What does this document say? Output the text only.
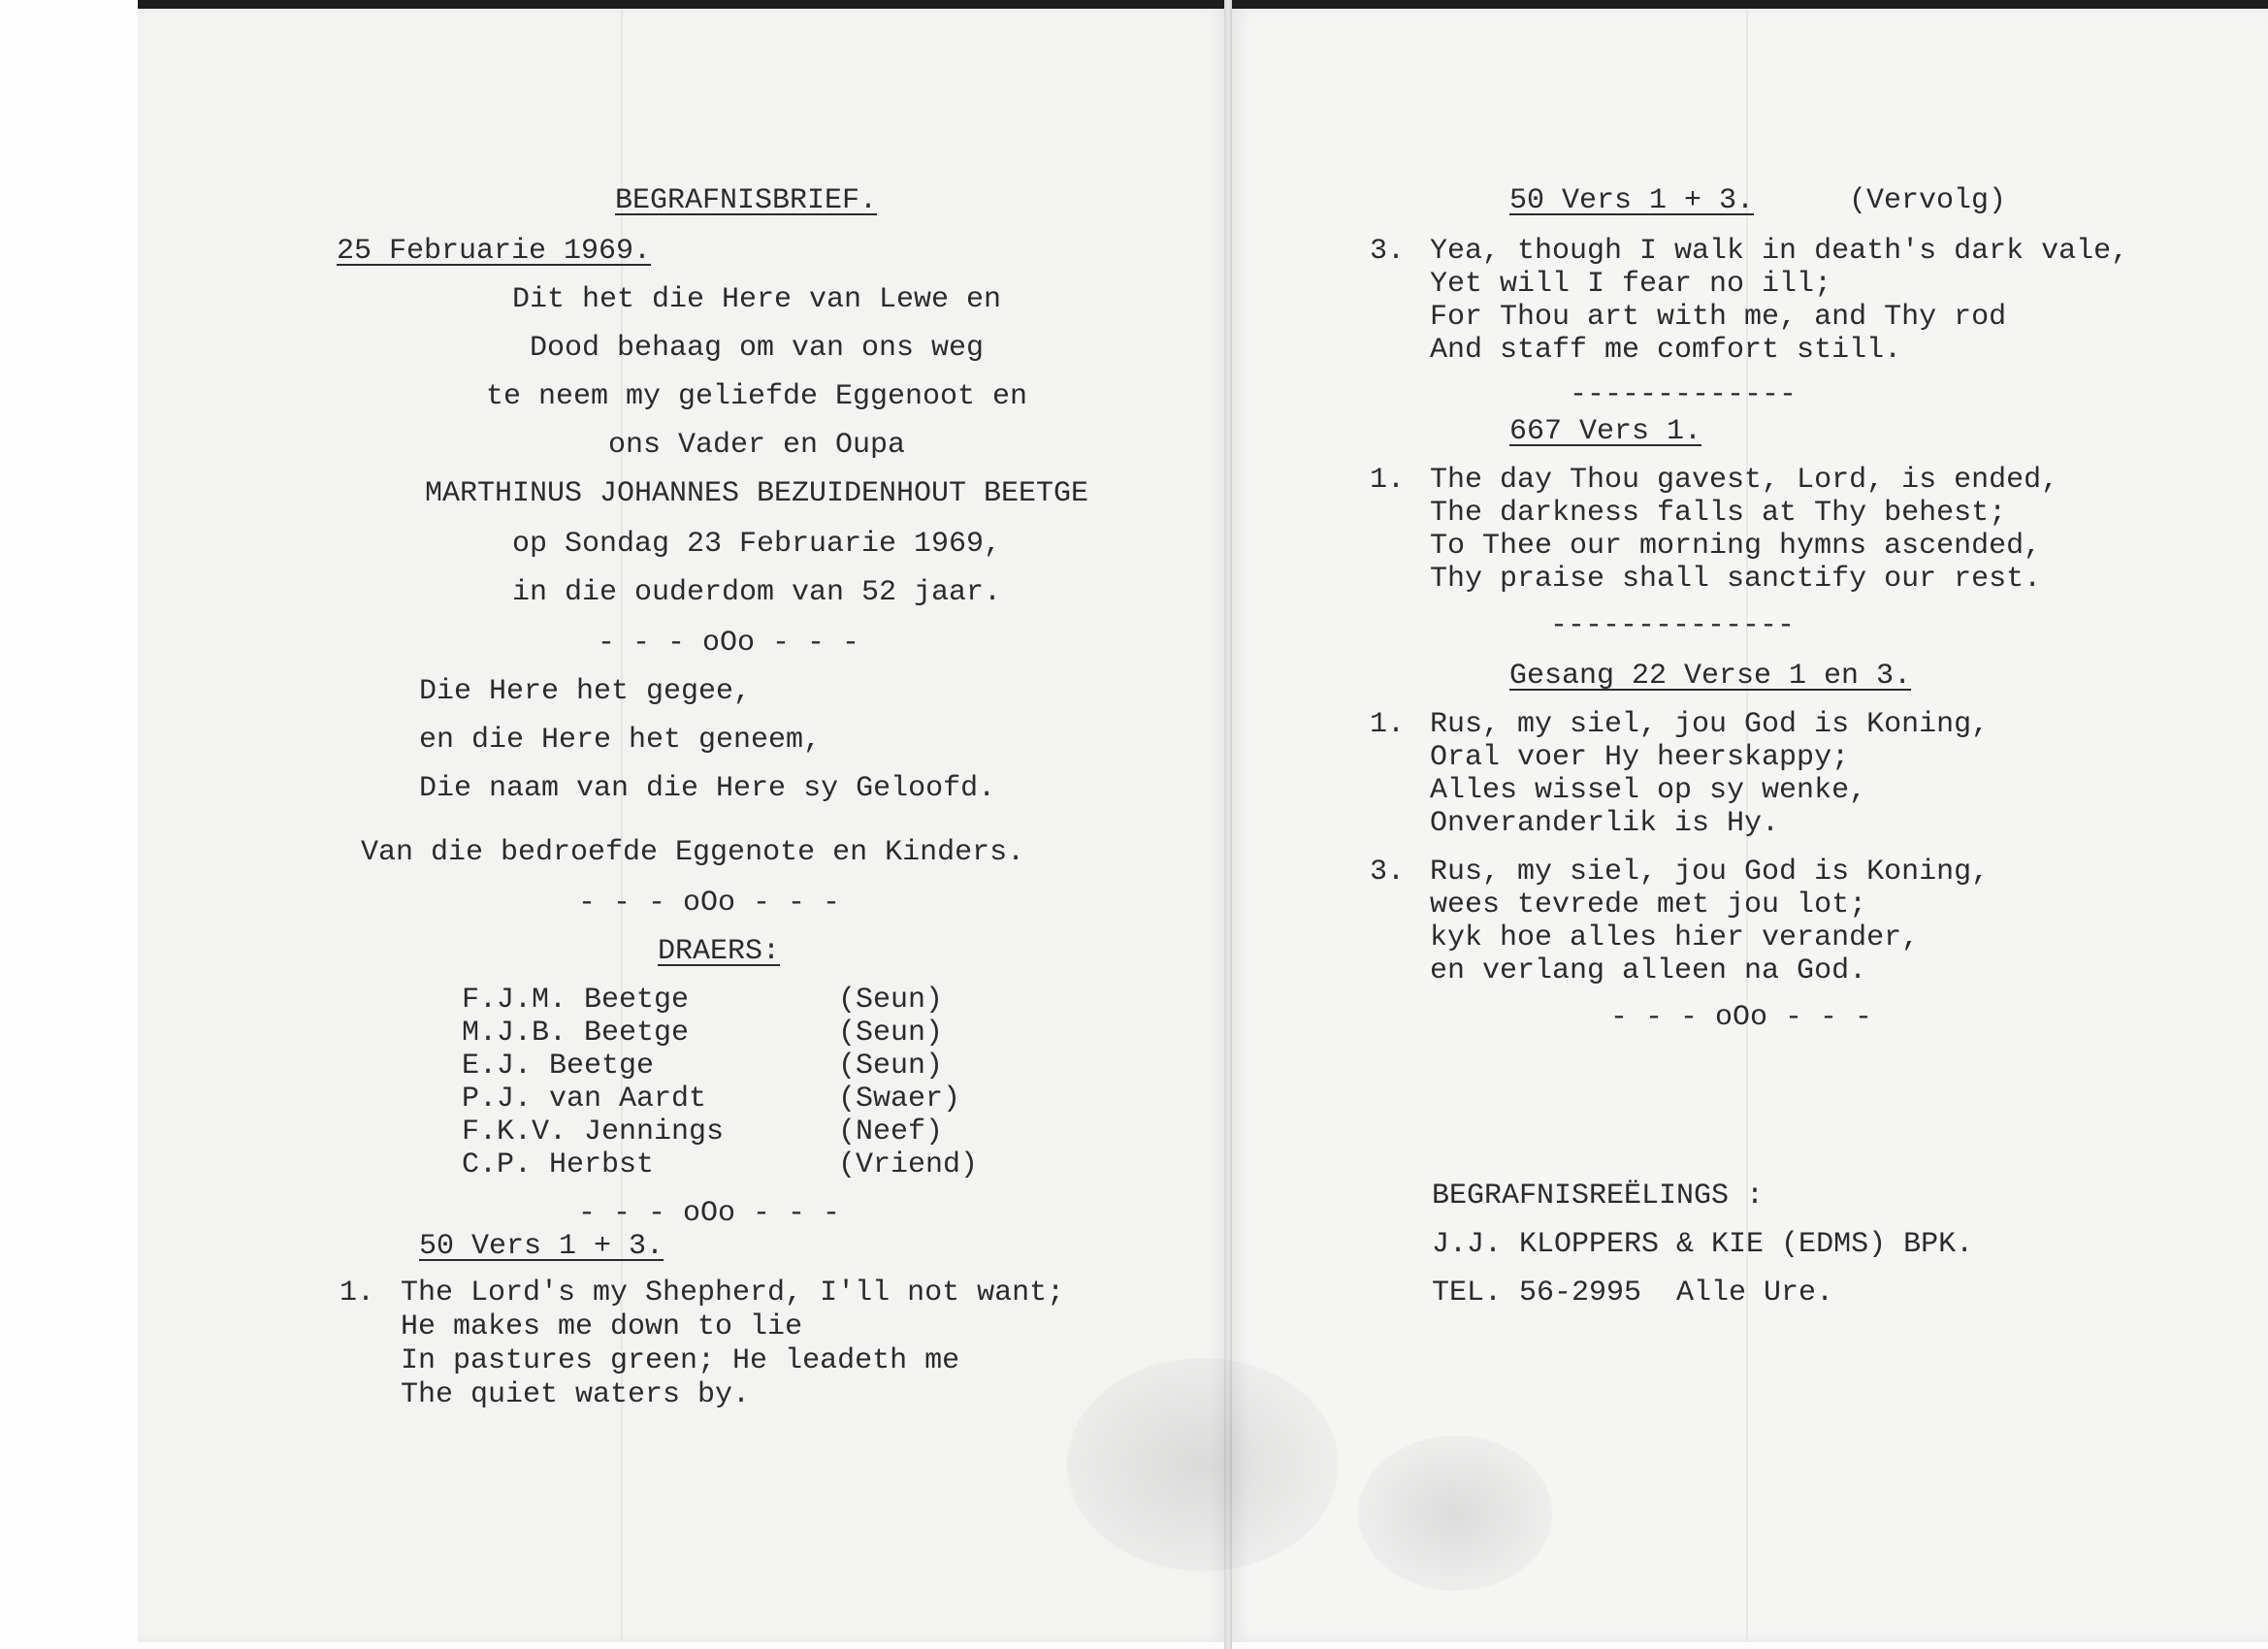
BEGRAFNISBRIEF.
25 Februarie 1969.
Dit het die Here van Lewe en
Dood behaag om van ons weg
te neem my geliefde Eggenoot en
ons Vader en Oupa
MARTHINUS JOHANNES BEZUIDENHOUT BEETGE
op Sondag 23 Februarie 1969,
in die ouderdom van 52 jaar.
- - - oOo - - -
Die Here het gegee,
en die Here het geneem,
Die naam van die Here sy Geloofd.
Van die bedroefde Eggenote en Kinders.
- - - oOo - - -
DRAERS:
F.J.M. Beetge	(Seun)
M.J.B. Beetge	(Seun)
E.J. Beetge	(Seun)
P.J. van Aardt	(Swaer)
F.K.V. Jennings	(Neef)
C.P. Herbst	(Vriend)
- - - oOo - - -
50 Vers 1 + 3.
1. The Lord's my Shepherd, I'll not want;
He makes me down to lie
In pastures green; He leadeth me
The quiet waters by.
50 Vers 1 + 3.	(Vervolg)
3. Yea, though I walk in death's dark vale,
Yet will I fear no ill;
For Thou art with me, and Thy rod
And staff me comfort still.
-------------
667 Vers 1.
1. The day Thou gavest, Lord, is ended,
The darkness falls at Thy behest;
To Thee our morning hymns ascended,
Thy praise shall sanctify our rest.
--------------
Gesang 22 Verse 1 en 3.
1. Rus, my siel, jou God is Koning,
Oral voer Hy heerskappy;
Alles wissel op sy wenke,
Onveranderlik is Hy.
3. Rus, my siel, jou God is Koning,
wees tevrede met jou lot;
kyk hoe alles hier verander,
en verlang alleen na God.
- - - oOo - - -
BEGRAFNISREËLINGS :
J.J. KLOPPERS & KIE (EDMS) BPK.
TEL. 56-2995  Alle Ure.
